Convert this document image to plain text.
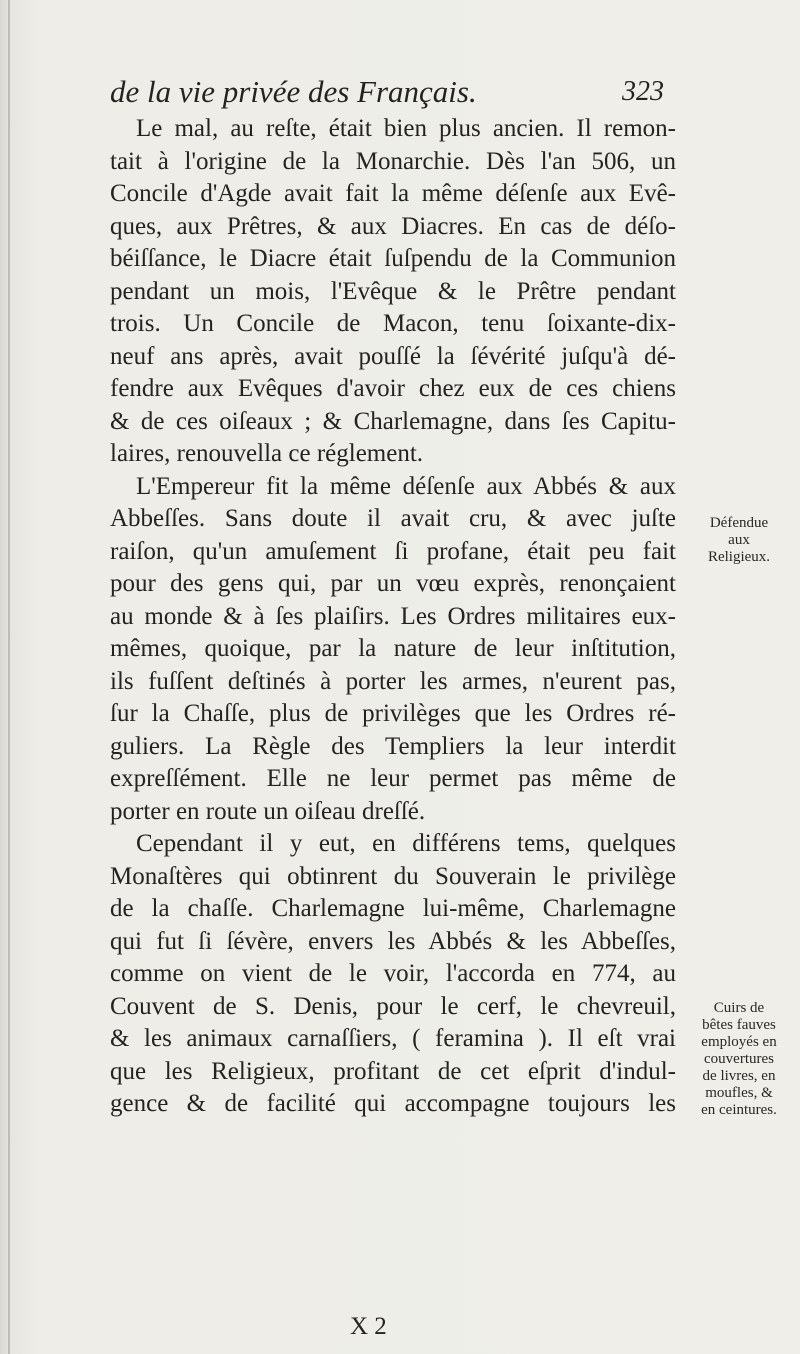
de la vie privée des Français.	323
Le mal, au reſte, était bien plus ancien. Il remon-
tait à l'origine de la Monarchie. Dès l'an 506, un
Concile d'Agde avait fait la même déſenſe aux Evê-
ques, aux Prêtres, & aux Diacres. En cas de déſo-
béiſſance, le Diacre était ſuſpendu de la Communion
pendant un mois, l'Evêque & le Prêtre pendant
trois. Un Concile de Macon, tenu ſoixante-dix-
neuf ans après, avait pouſſé la ſévérité juſqu'à dé-
fendre aux Evêques d'avoir chez eux de ces chiens
& de ces oiſeaux ; & Charlemagne, dans ſes Capitu-
laires, renouvella ce réglement.
L'Empereur fit la même déſenſe aux Abbés & aux
Abbeſſes. Sans doute il avait cru, & avec juſte
raiſon, qu'un amuſement ſi profane, était peu fait
pour des gens qui, par un vœu exprès, renonçaient
au monde & à ſes plaiſirs. Les Ordres militaires eux-
mêmes, quoique, par la nature de leur inſtitution,
ils fuſſent deſtinés à porter les armes, n'eurent pas,
ſur la Chaſſe, plus de privilèges que les Ordres ré-
guliers. La Règle des Templiers la leur interdit
expreſſément. Elle ne leur permet pas même de
porter en route un oiſeau dreſſé.
Cependant il y eut, en différens tems, quelques
Monaſtères qui obtinrent du Souverain le privilège
de la chaſſe. Charlemagne lui-même, Charlemagne
qui fut ſi ſévère, envers les Abbés & les Abbeſſes,
comme on vient de le voir, l'accorda en 774, au
Couvent de S. Denis, pour le cerf, le chevreuil,
& les animaux carnaſſiers, ( feramina ). Il eſt vrai
que les Religieux, profitant de cet eſprit d'indul-
gence & de facilité qui accompagne toujours les
Défendue
aux
Religieux.
Cuirs de
bêtes fauves
employés en
couvertures
de livres, en
moufles, &
en ceintures.
X 2
